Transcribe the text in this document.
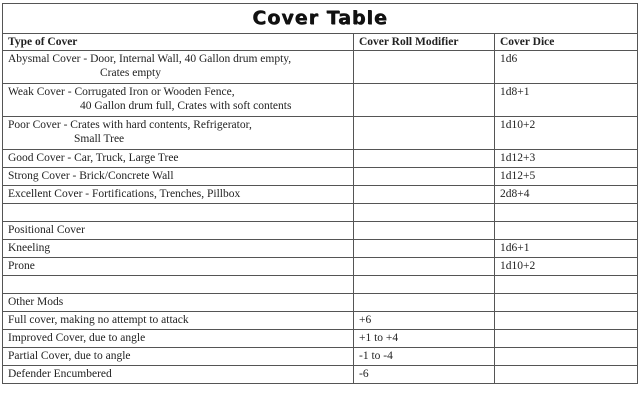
Cover Table
Type of Cover	Cover Roll Modifier	Cover Dice

Abysmal Cover - Door, Internal Wall, 40 Gallon drum empty,
Crates empty		1d6

Weak Cover - Corrugated Iron or Wooden Fence,
40 Gallon drum full, Crates with soft contents		1d8+1

Poor Cover - Crates with hard contents, Refrigerator,
Small Tree		1d10+2
Good Cover - Car, Truck, Large Tree		1d12+3
Strong Cover - Brick/Concrete Wall		1d12+5
Excellent Cover - Fortifications, Trenches, Pillbox		2d8+4

Positional Cover		
Kneeling		1d6+1
Prone		1d10+2

Other Mods		
Full cover, making no attempt to attack	+6	
Improved Cover, due to angle	+1 to +4	
Partial Cover, due to angle	-1 to -4	
Defender Encumbered	-6	
